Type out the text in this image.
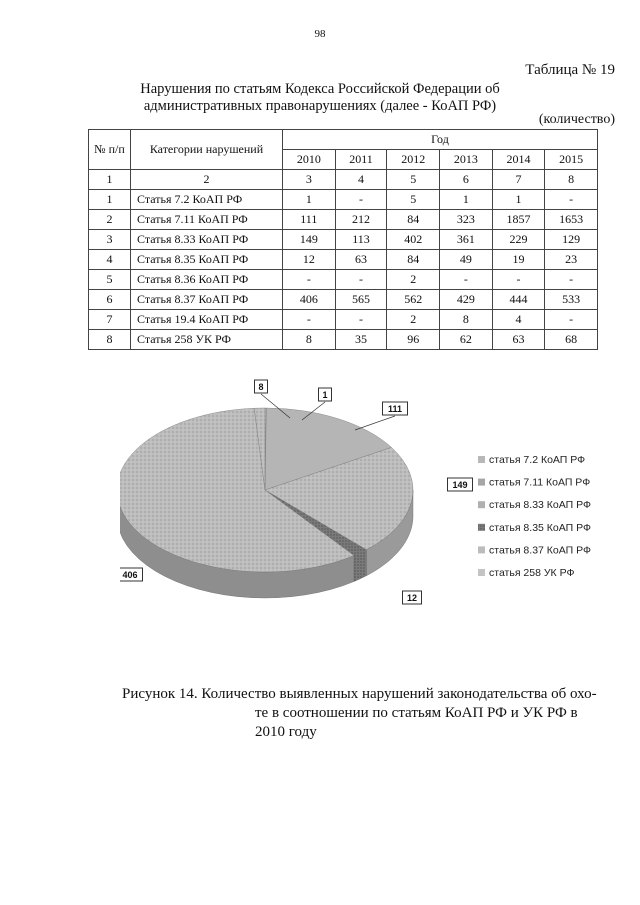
98
Таблица № 19
Нарушения по статьям Кодекса Российской Федерации об административных правонарушениях (далее - КоАП РФ)
(количество)
№ п/п	Категории нарушений	Год					
		2010	2011	2012	2013	2014	2015
1	2	3	4	5	6	7	8
1	Статья 7.2 КоАП РФ	1	-	5	1	1	-
2	Статья 7.11 КоАП РФ	111	212	84	323	1857	1653
3	Статья 8.33 КоАП РФ	149	113	402	361	229	129
4	Статья 8.35 КоАП РФ	12	63	84	49	19	23
5	Статья 8.36 КоАП РФ	-	-	2	-	-	-
6	Статья 8.37 КоАП РФ	406	565	562	429	444	533
7	Статья 19.4 КоАП РФ	-	-	2	8	4	-
8	Статья 258 УК РФ	8	35	96	62	63	68
1
111
149
12
406
8
статья 7.2 КоАП РФ
статья 7.11 КоАП РФ
статья 8.33 КоАП РФ
статья 8.35 КоАП РФ
статья 8.37 КоАП РФ
статья 258 УК РФ
Рисунок 14. Количество выявленных нарушений законодательства об охо-
те в соотношении по статьям КоАП РФ и УК РФ в 2010 году
